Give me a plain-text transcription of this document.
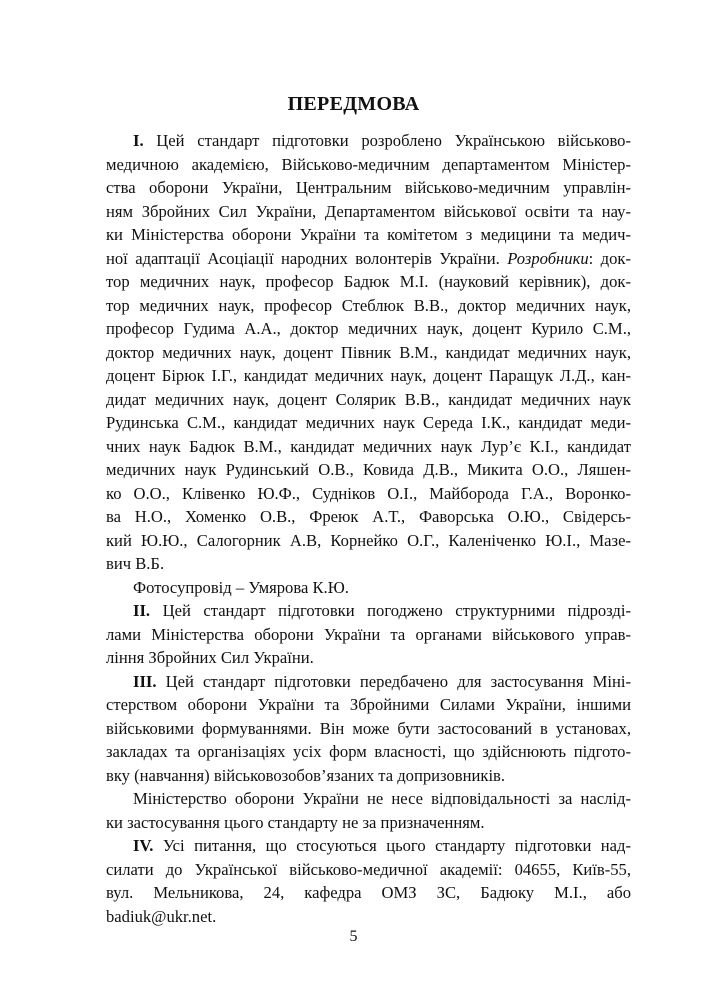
ПЕРЕДМОВА
I. Цей стандарт підготовки розроблено Українською військово-
медичною академією, Військово-медичним департаментом Міністер-
ства оборони України, Центральним військово-медичним управлін-
ням Збройних Сил України, Департаментом військової освіти та нау-
ки Міністерства оборони України та комітетом з медицини та медич-
ної адаптації Асоціації народних волонтерів України. Розробники: док-
тор медичних наук, професор Бадюк М.І. (науковий керівник), док-
тор медичних наук, професор Стеблюк В.В., доктор медичних наук,
професор Гудима А.А., доктор медичних наук, доцент Курило С.М.,
доктор медичних наук, доцент Півник В.М., кандидат медичних наук,
доцент Бірюк І.Г., кандидат медичних наук, доцент Паращук Л.Д., кан-
дидат медичних наук, доцент Солярик В.В., кандидат медичних наук
Рудинська С.М., кандидат медичних наук Середа І.К., кандидат меди-
чних наук Бадюк В.М., кандидат медичних наук Лур’є К.І., кандидат
медичних наук Рудинський О.В., Ковида Д.В., Микита О.О., Ляшен-
ко О.О., Клівенко Ю.Ф., Судніков О.І., Майборода Г.А., Воронко-
ва Н.О., Хоменко О.В., Фреюк А.Т., Фаворська О.Ю., Свідерсь-
кий Ю.Ю., Салогорник А.В, Корнейко О.Г., Каленіченко Ю.І., Мазе-
вич В.Б.
Фотосупровід – Умярова К.Ю.
II. Цей стандарт підготовки погоджено структурними підрозді-
лами Міністерства оборони України та органами військового управ-
ління Збройних Сил України.
III. Цей стандарт підготовки передбачено для застосування Міні-
стерством оборони України та Збройними Силами України, іншими
військовими формуваннями. Він може бути застосований в установах,
закладах та організаціях усіх форм власності, що здійснюють підгото-
вку (навчання) військовозобов’язаних та допризовників.
Міністерство оборони України не несе відповідальності за наслід-
ки застосування цього стандарту не за призначенням.
IV. Усі питання, що стосуються цього стандарту підготовки над-
силати до Української військово-медичної академії: 04655, Київ-55,
вул. Мельникова, 24, кафедра ОМЗ ЗС, Бадюку М.І., або
badiuk@ukr.net.
5
